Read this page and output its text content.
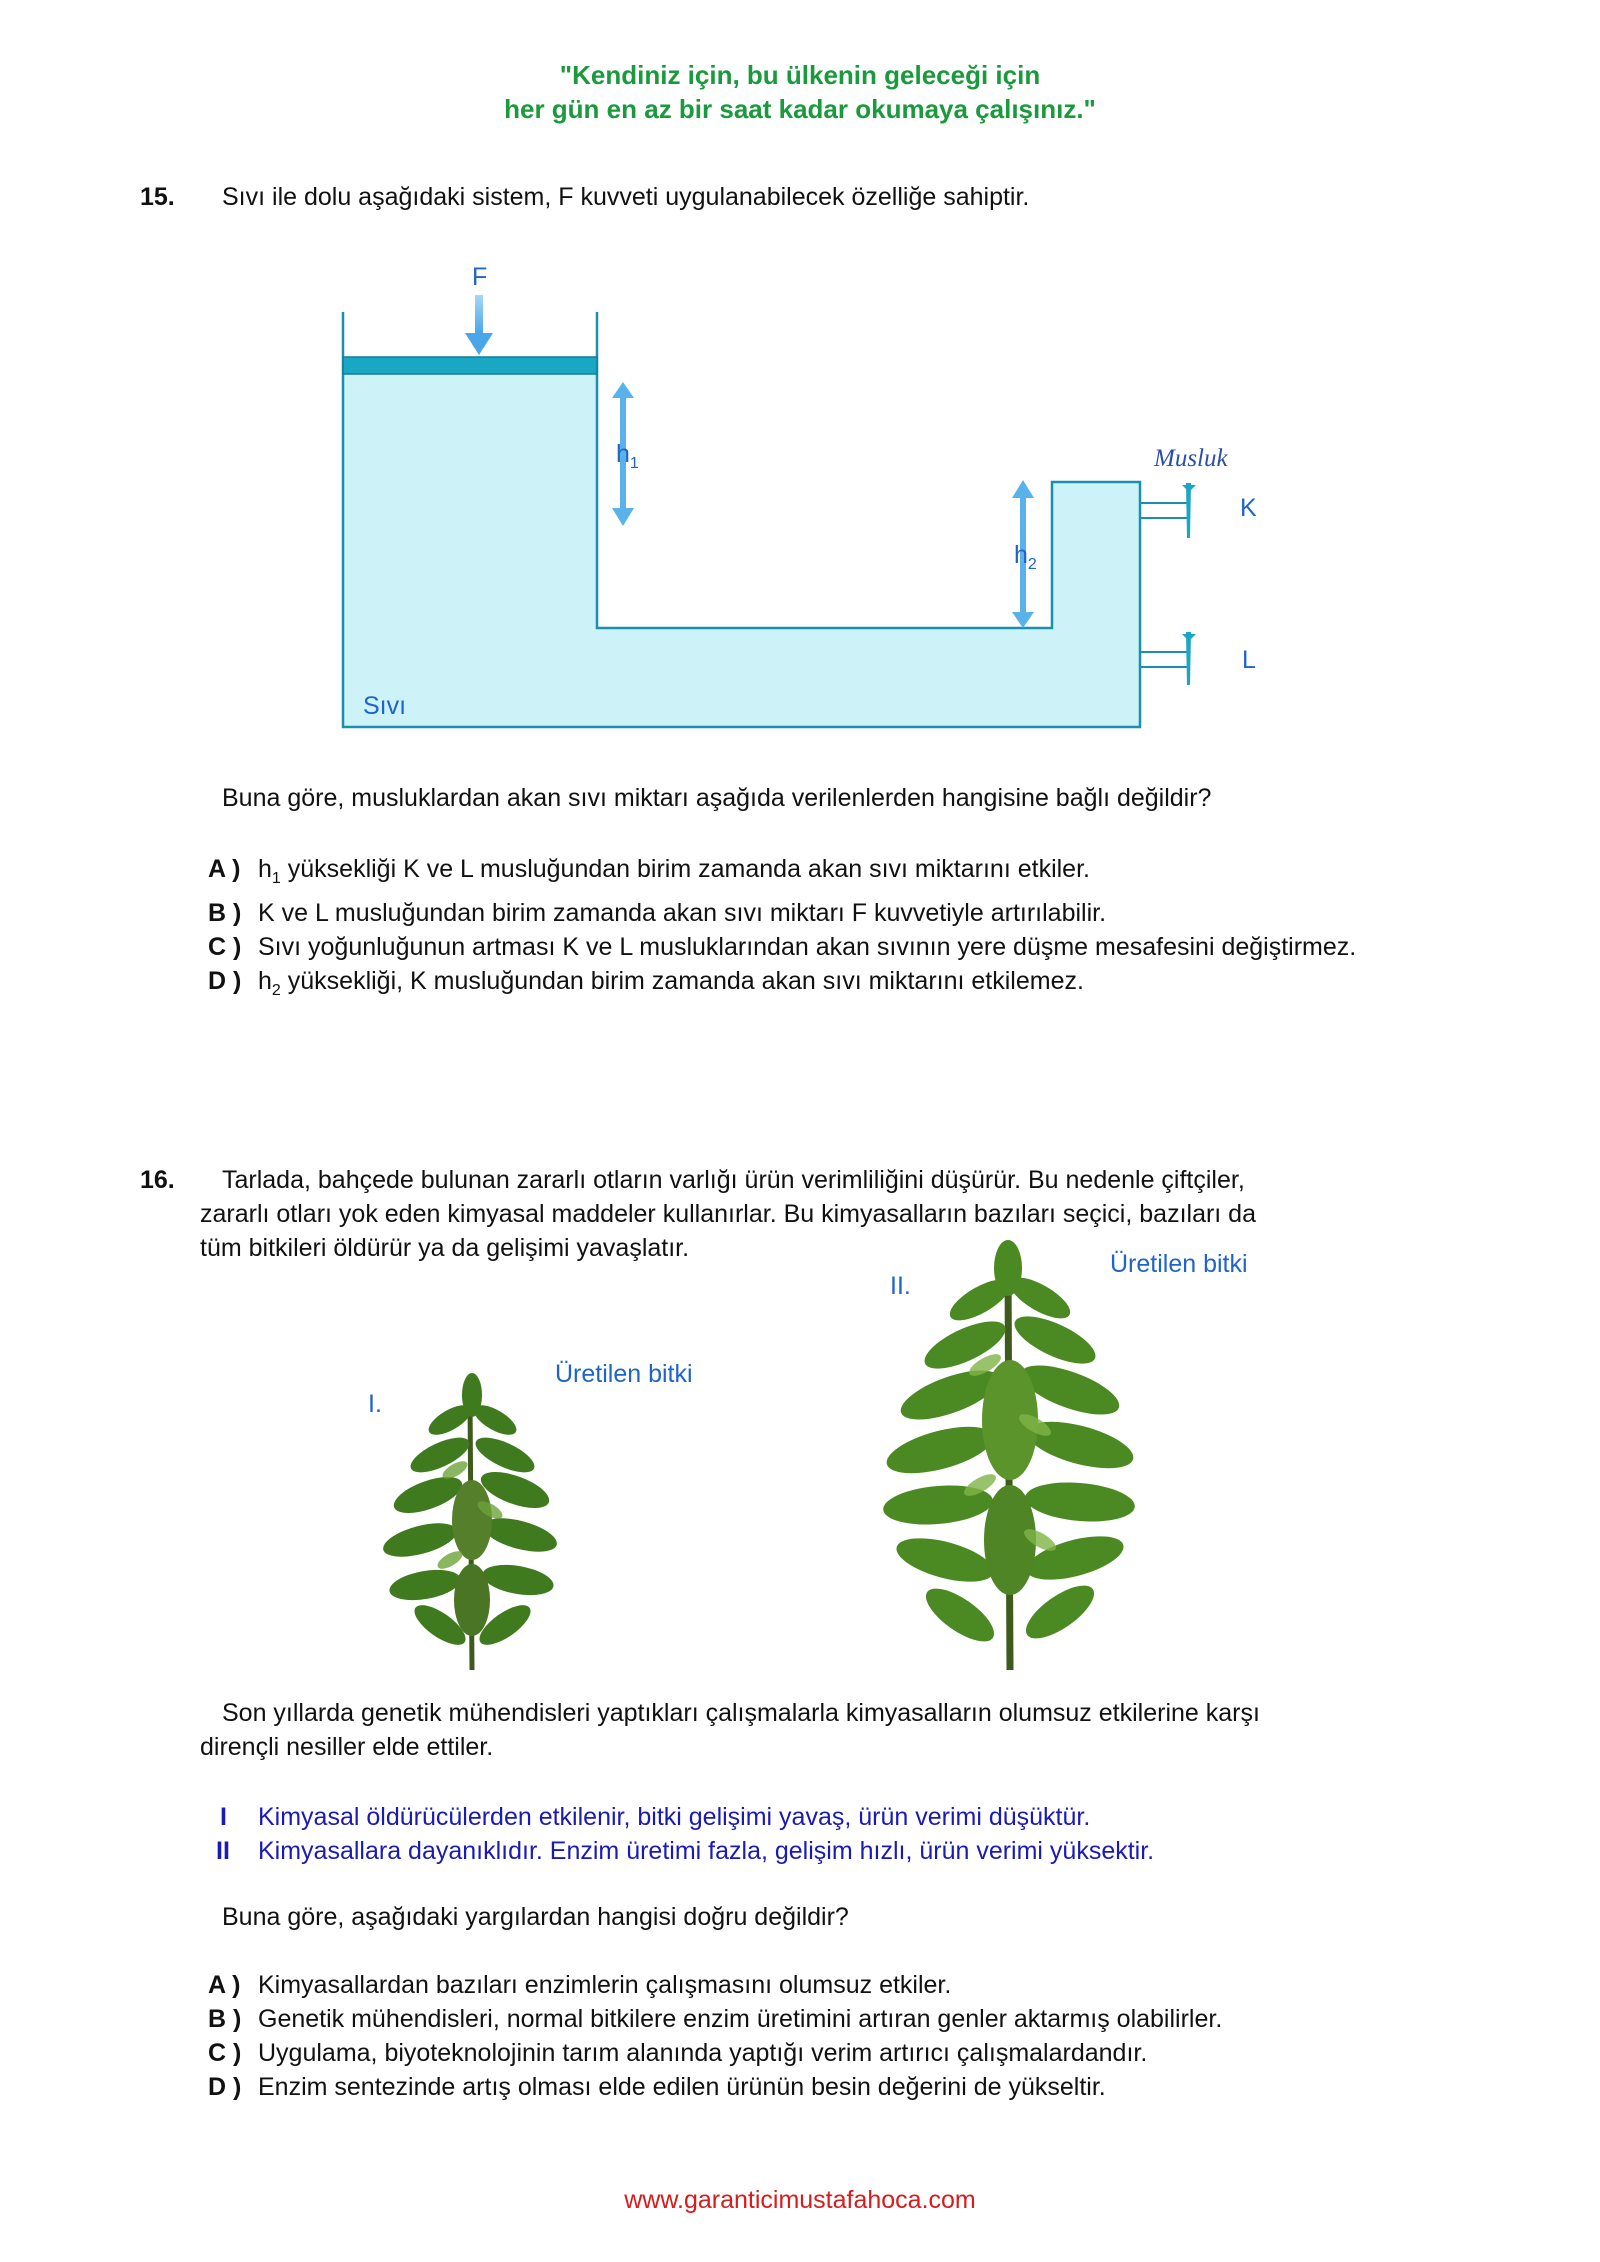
"Kendiniz için, bu ülkenin geleceği için
her gün en az bir saat kadar okumaya çalışınız."
15. Sıvı ile dolu aşağıdaki sistem, F kuvveti uygulanabilecek özelliğe sahiptir.
F
$h_1$
$h_2$
Musluk
K
L
Sıvı
Buna göre, musluklardan akan sıvı miktarı aşağıda verilenlerden hangisine bağlı değildir?
A ) $h_1$ yüksekliği K ve L musluğundan birim zamanda akan sıvı miktarını etkiler.
B ) K ve L musluğundan birim zamanda akan sıvı miktarı F kuvvetiyle artırılabilir.
C ) Sıvı yoğunluğunun artması K ve L musluklarından akan sıvının yere düşme mesafesini değiştirmez.
D ) $h_2$ yüksekliği, K musluğundan birim zamanda akan sıvı miktarını etkilemez.
16. Tarlada, bahçede bulunan zararlı otların varlığı ürün verimliliğini düşürür. Bu nedenle çiftçiler,
zararlı otları yok eden kimyasal maddeler kullanırlar. Bu kimyasalların bazıları seçici, bazıları da
tüm bitkileri öldürür ya da gelişimi yavaşlatır.
I.
Üretilen bitki
II.
Üretilen bitki
Son yıllarda genetik mühendisleri yaptıkları çalışmalarla kimyasalların olumsuz etkilerine karşı
dirençli nesiller elde ettiler.
I Kimyasal öldürücülerden etkilenir, bitki gelişimi yavaş, ürün verimi düşüktür.
II Kimyasallara dayanıklıdır. Enzim üretimi fazla, gelişim hızlı, ürün verimi yüksektir.
Buna göre, aşağıdaki yargılardan hangisi doğru değildir?
A ) Kimyasallardan bazıları enzimlerin çalışmasını olumsuz etkiler.
B ) Genetik mühendisleri, normal bitkilere enzim üretimini artıran genler aktarmış olabilirler.
C ) Uygulama, biyoteknolojinin tarım alanında yaptığı verim artırıcı çalışmalardandır.
D ) Enzim sentezinde artış olması elde edilen ürünün besin değerini de yükseltir.
www.garanticimustafahoca.com
